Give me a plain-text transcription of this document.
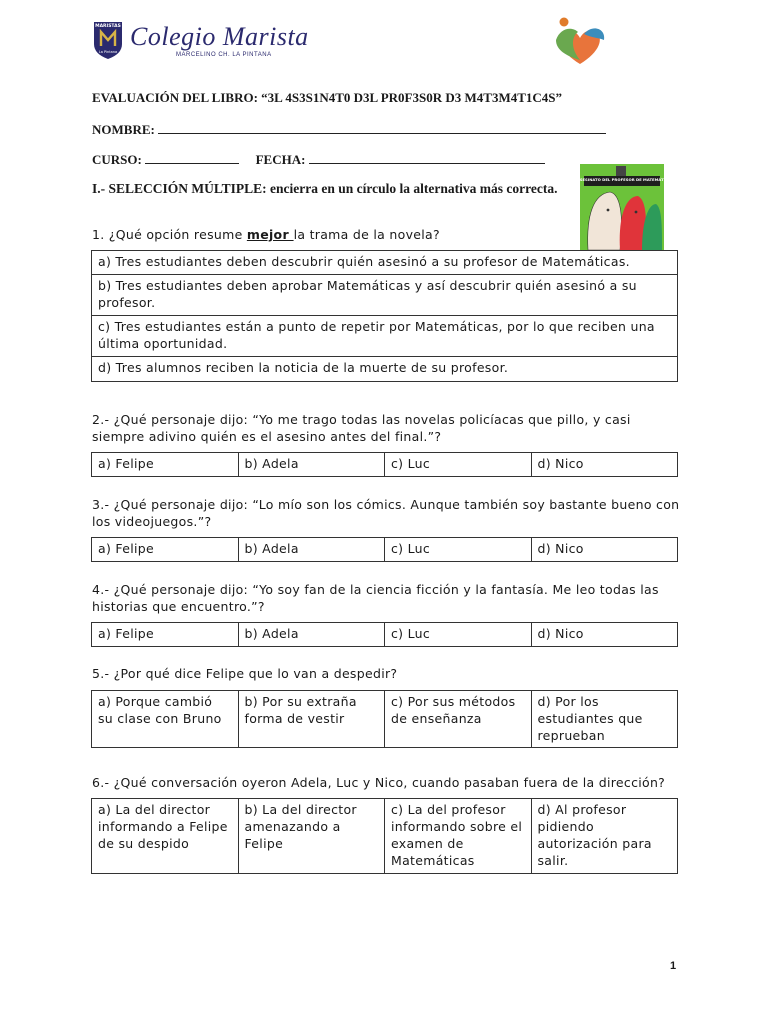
MARISTAS
La Pintana
Colegio Marista
MARCELINO CH. LA PINTANA
EVALUACIÓN DEL LIBRO: “3L 4S3S1N4T0 D3L PR0F3S0R D3 M4T3M4T1C4S”
NOMBRE:
CURSO:	FECHA:
I.- SELECCIÓN MÚLTIPLE: encierra en un círculo la alternativa más correcta.
EL ASESINATO DEL PROFESOR DE MATEMÁTICAS
1. ¿Qué opción resume mejor la trama de la novela?
a) Tres estudiantes deben descubrir quién asesinó a su profesor de Matemáticas.
b) Tres estudiantes deben aprobar Matemáticas y así descubrir quién asesinó a su profesor.
c) Tres estudiantes están a punto de repetir por Matemáticas, por lo que reciben una última oportunidad.
d) Tres alumnos reciben la noticia de la muerte de su profesor.
2.- ¿Qué personaje dijo: “Yo me trago todas las novelas policíacas que pillo, y casi siempre adivino quién es el asesino antes del final.”?
a) Felipe	b) Adela	c) Luc	d) Nico
3.- ¿Qué personaje dijo: “Lo mío son los cómics. Aunque también soy bastante bueno con los videojuegos.”?
a) Felipe	b) Adela	c) Luc	d) Nico
4.- ¿Qué personaje dijo: “Yo soy fan de la ciencia ficción y la fantasía. Me leo todas las historias que encuentro.”?
a) Felipe	b) Adela	c) Luc	d) Nico
5.- ¿Por qué dice Felipe que lo van a despedir?
a) Porque cambió su clase con Bruno	b) Por su extraña forma de vestir	c) Por sus métodos de enseñanza	d) Por los estudiantes que reprueban
6.- ¿Qué conversación oyeron Adela, Luc y Nico, cuando pasaban fuera de la dirección?
a) La del director informando a Felipe de su despido	b) La del director amenazando a Felipe	c) La del profesor informando sobre el examen de Matemáticas	d) Al profesor pidiendo autorización para salir.
1
